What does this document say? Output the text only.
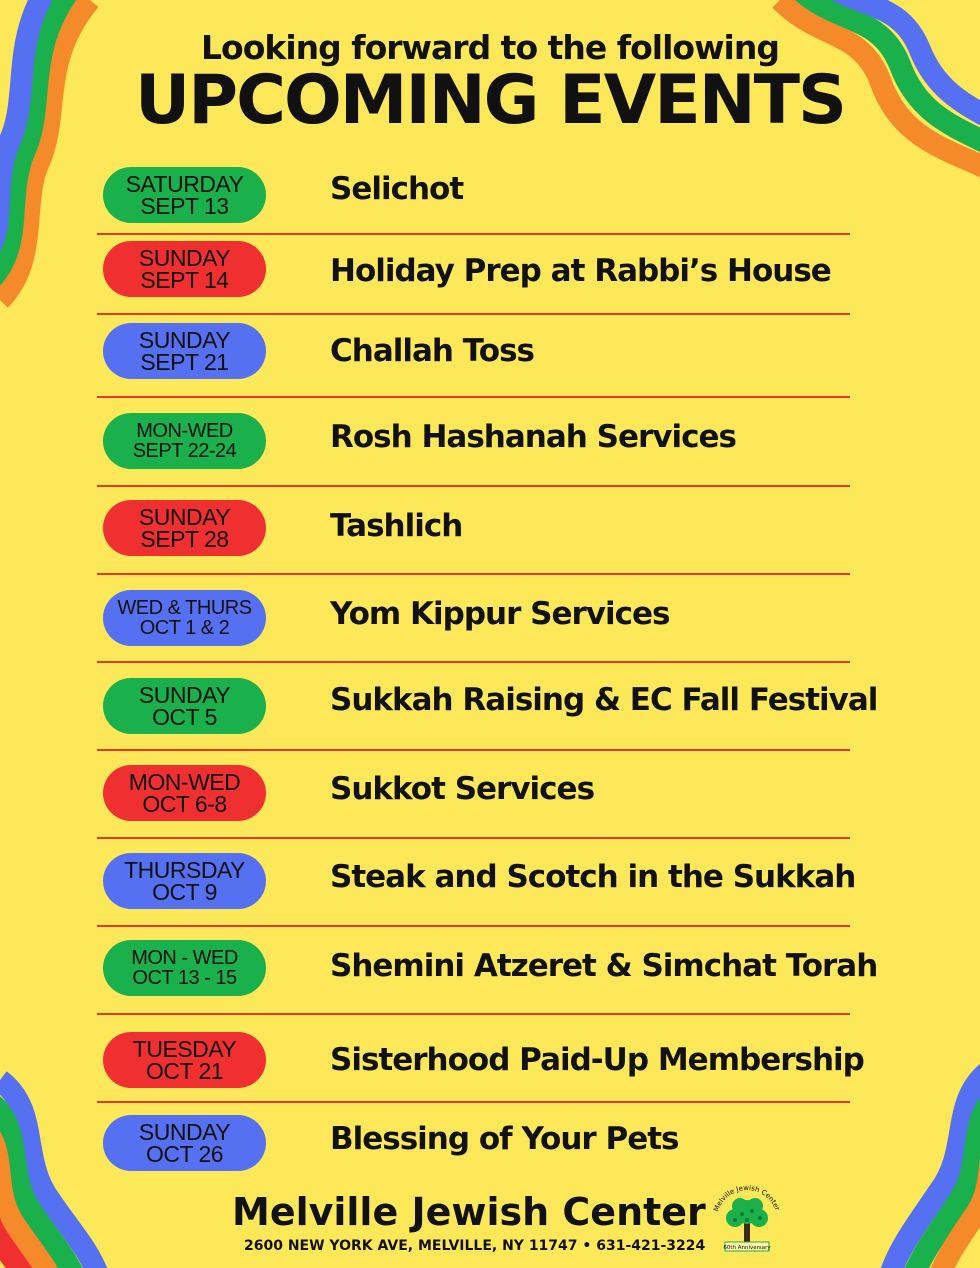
Looking forward to the following
UPCOMING EVENTS
SATURDAY
SEPT 13	Selichot
SUNDAY
SEPT 14	Holiday Prep at Rabbi’s House
SUNDAY
SEPT 21	Challah Toss
MON-WED
SEPT 22-24	Rosh Hashanah Services
SUNDAY
SEPT 28	Tashlich
WED & THURS
OCT 1 & 2	Yom Kippur Services
SUNDAY
OCT 5	Sukkah Raising & EC Fall Festival
MON-WED
OCT 6-8	Sukkot Services
THURSDAY
OCT 9	Steak and Scotch in the Sukkah
MON - WED
OCT 13 - 15	Shemini Atzeret & Simchat Torah
TUESDAY
OCT 21	Sisterhood Paid-Up Membership
SUNDAY
OCT 26	Blessing of Your Pets
Melville Jewish Center
2600 NEW YORK AVE, MELVILLE, NY 11747 • 631-421-3224
Melville Jewish Center
60th Anniversary
